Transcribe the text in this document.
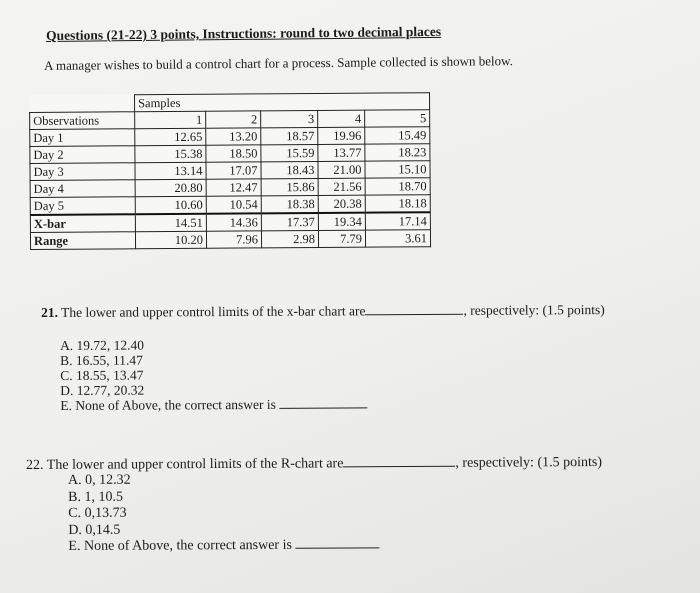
Questions (21-22) 3 points, Instructions: round to two decimal places
A manager wishes to build a control chart for a process. Sample collected is shown below.
	Samples				
Observations	1	2	3	4	5
Day 1	12.65	13.20	18.57	19.96	15.49
Day 2	15.38	18.50	15.59	13.77	18.23
Day 3	13.14	17.07	18.43	21.00	15.10
Day 4	20.80	12.47	15.86	21.56	18.70
Day 5	10.60	10.54	18.38	20.38	18.18
X-bar	14.51	14.36	17.37	19.34	17.14
Range	10.20	7.96	2.98	7.79	3.61
21. The lower and upper control limits of the x-bar chart are	, respectively: (1.5 points)
A. 19.72, 12.40
B. 16.55, 11.47
C. 18.55, 13.47
D. 12.77, 20.32
E. None of Above, the correct answer is
22. The lower and upper control limits of the R-chart are	, respectively: (1.5 points)
A. 0, 12.32
B. 1, 10.5
C. 0,13.73
D. 0,14.5
E. None of Above, the correct answer is
